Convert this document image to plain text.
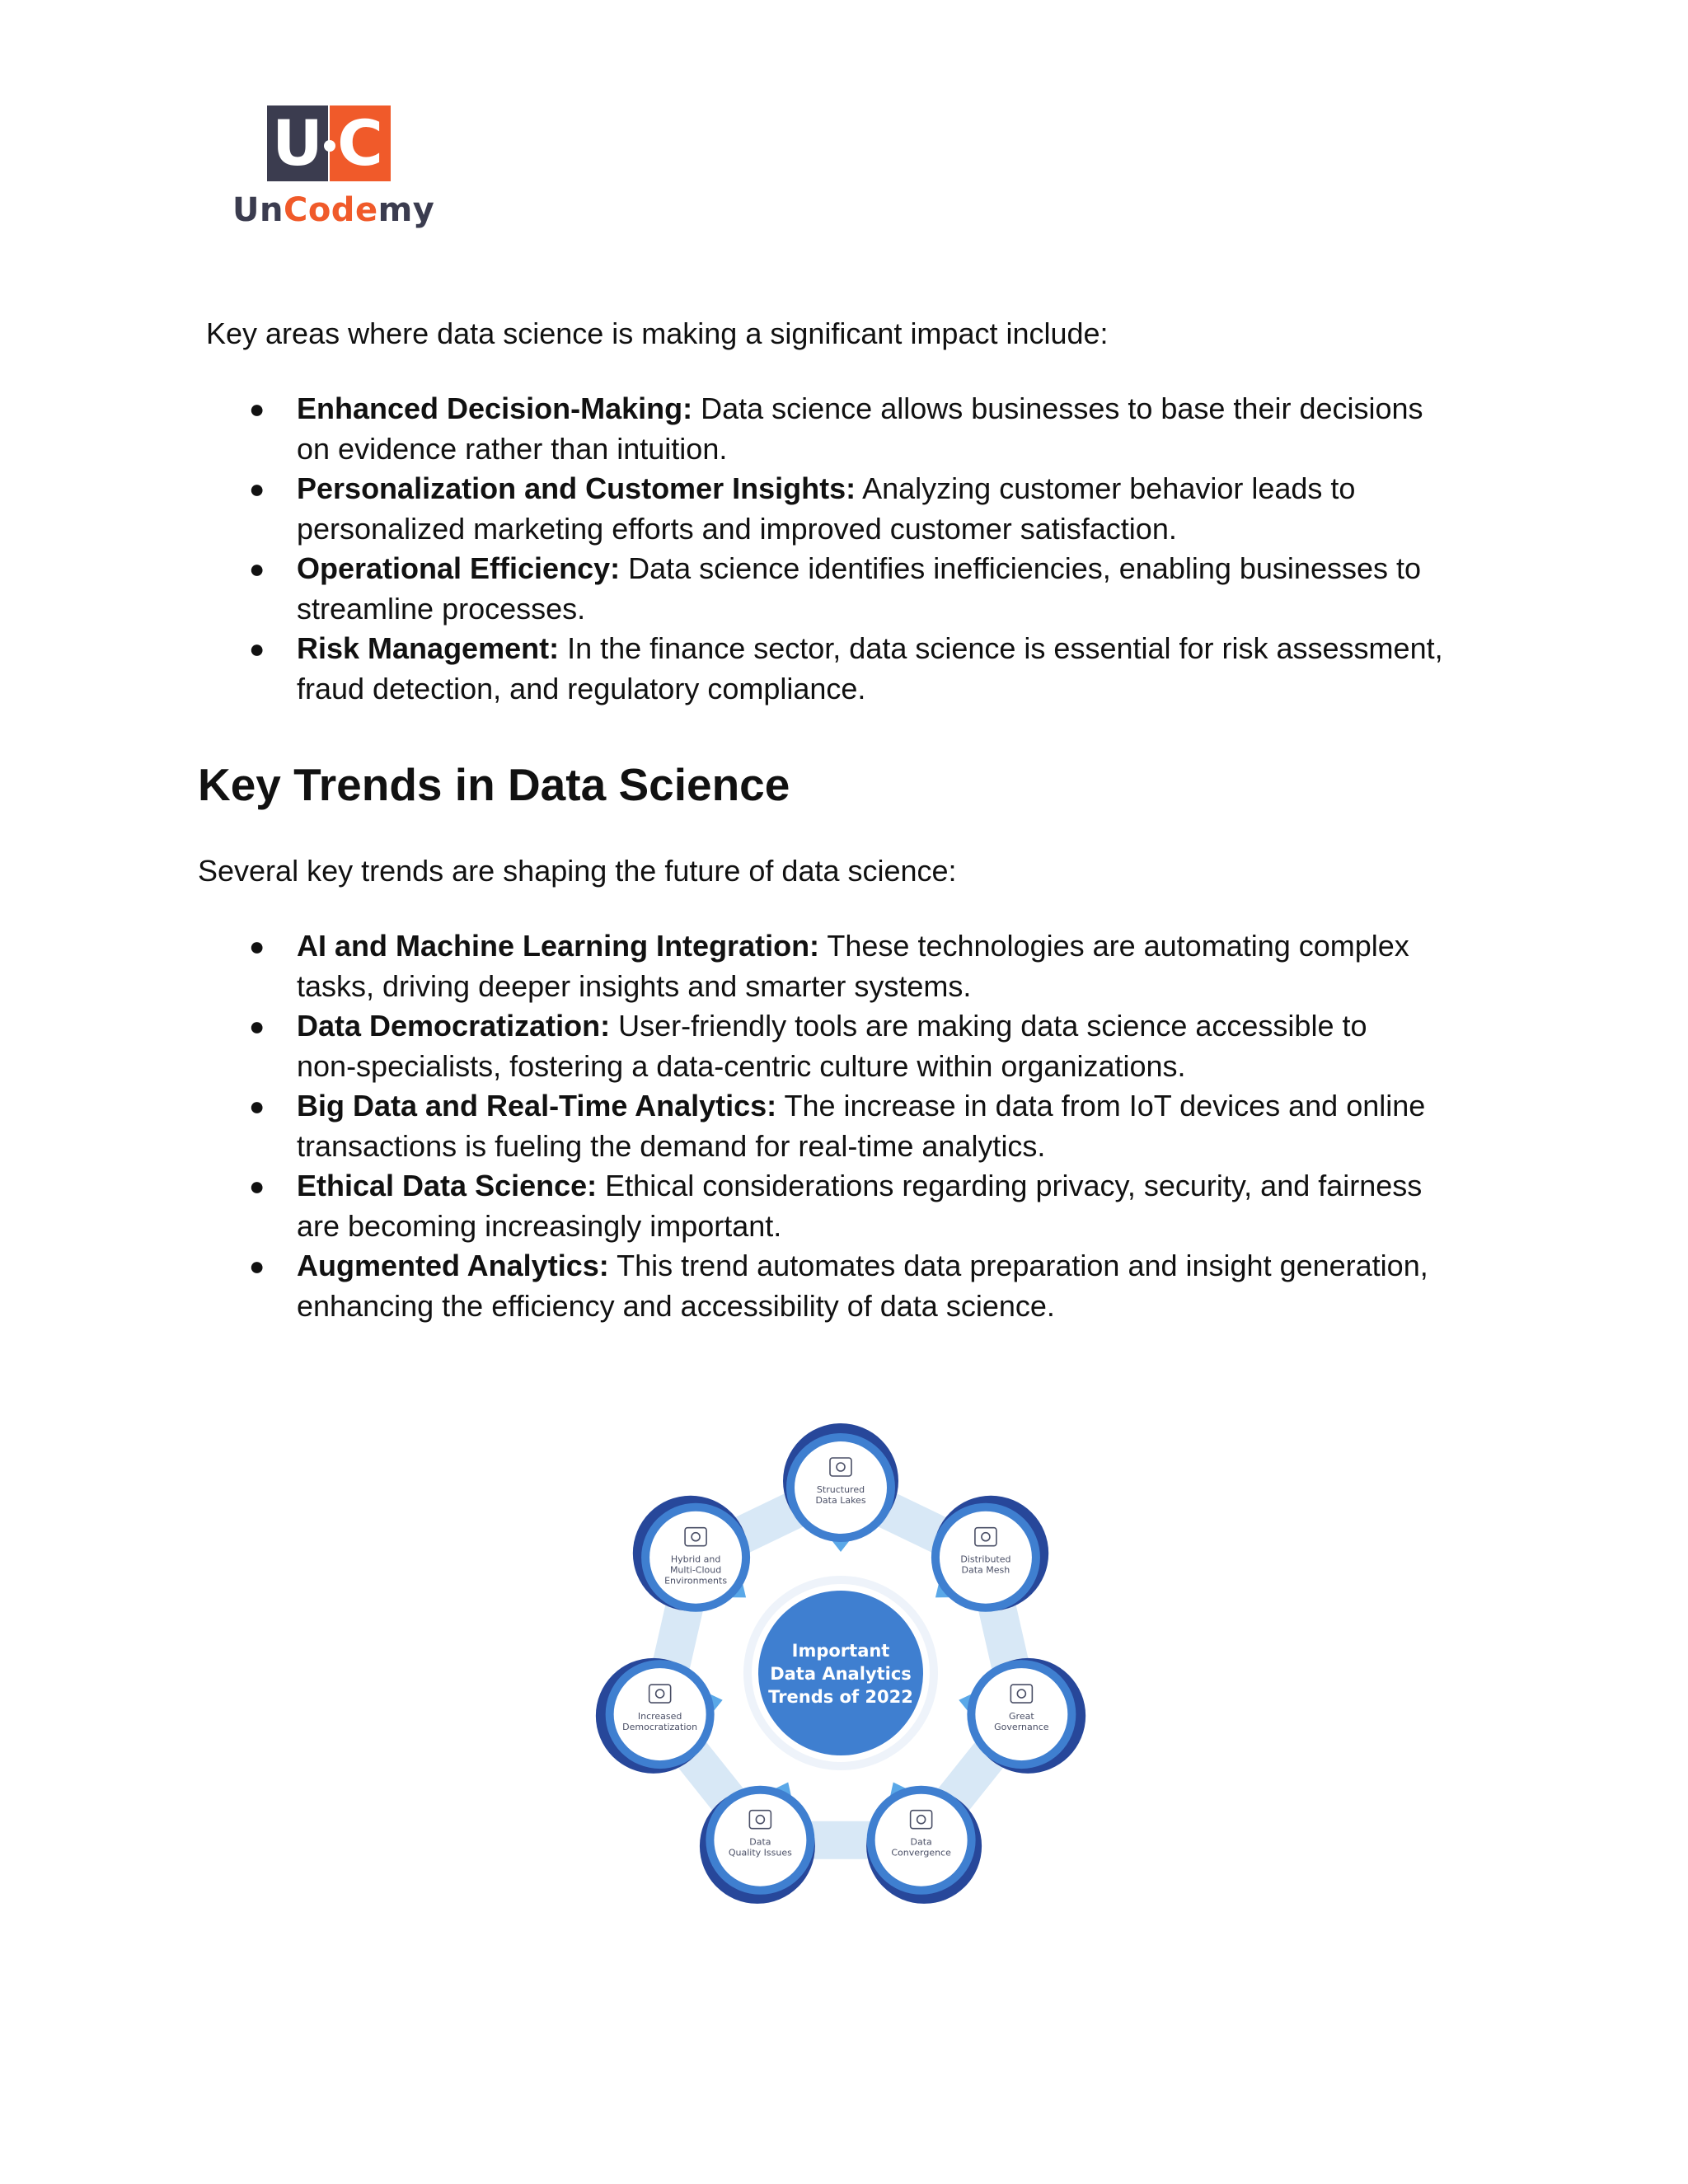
U C
UnCodemy
Key areas where data science is making a significant impact include:
● Enhanced Decision-Making: Data science allows businesses to base their decisions
on evidence rather than intuition.
● Personalization and Customer Insights: Analyzing customer behavior leads to
personalized marketing efforts and improved customer satisfaction.
● Operational Efficiency: Data science identifies inefficiencies, enabling businesses to
streamline processes.
● Risk Management: In the finance sector, data science is essential for risk assessment,
fraud detection, and regulatory compliance.
Key Trends in Data Science
Several key trends are shaping the future of data science:
● AI and Machine Learning Integration: These technologies are automating complex
tasks, driving deeper insights and smarter systems.
● Data Democratization: User-friendly tools are making data science accessible to
non-specialists, fostering a data-centric culture within organizations.
● Big Data and Real-Time Analytics: The increase in data from IoT devices and online
transactions is fueling the demand for real-time analytics.
● Ethical Data Science: Ethical considerations regarding privacy, security, and fairness
are becoming increasingly important.
● Augmented Analytics: This trend automates data preparation and insight generation,
enhancing the efficiency and accessibility of data science.
Structured
Data Lakes
Distributed
Data Mesh
Great
Governance
Data
Convergence
Data
Quality Issues
Increased
Democratization
Hybrid and
Multi-Cloud
Environments
Important
Data Analytics
Trends of 2022
